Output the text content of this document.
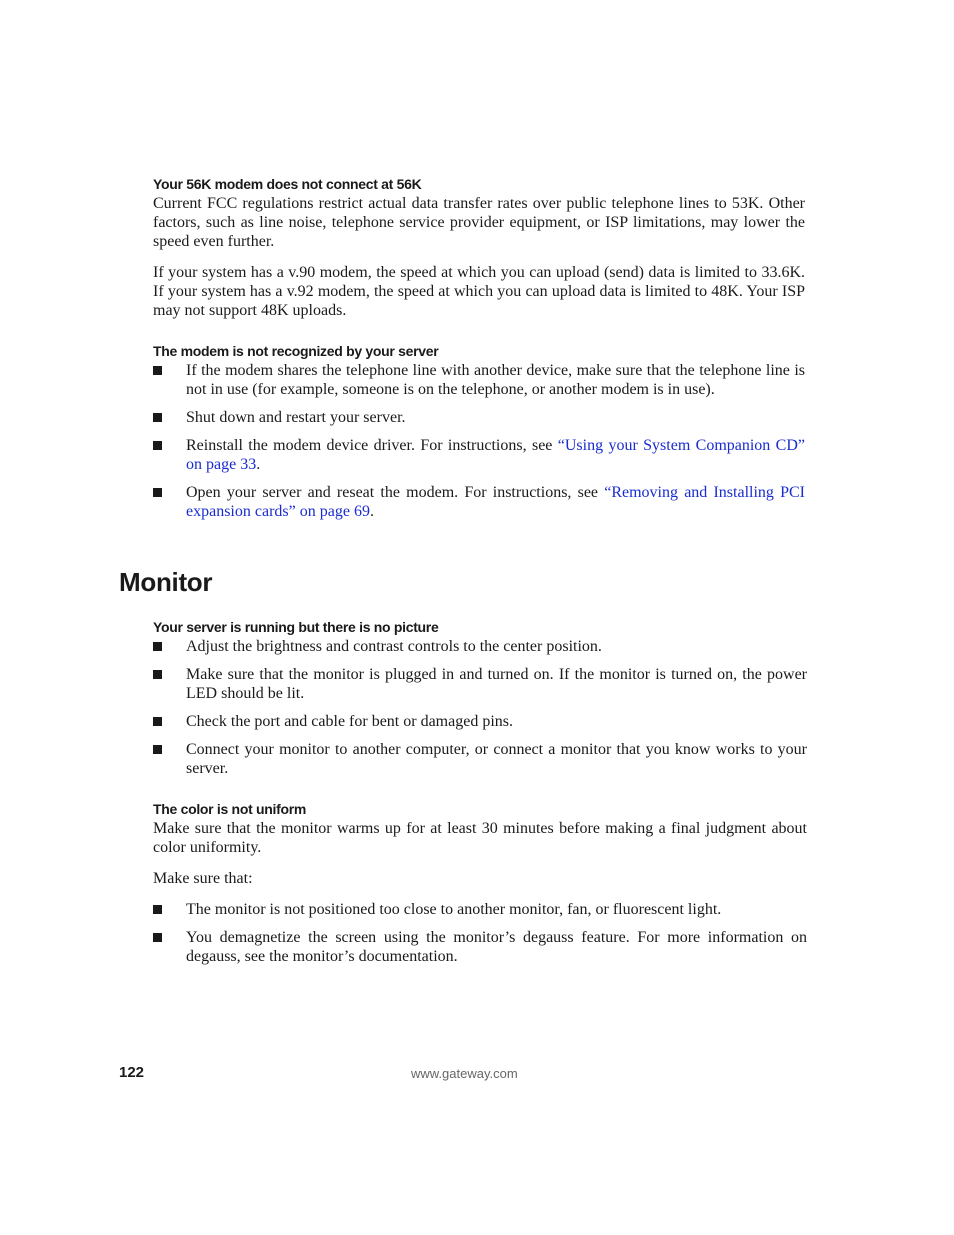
Your 56K modem does not connect at 56K

Current FCC regulations restrict actual data transfer rates over public telephone lines to 53K. Other factors, such as line noise, telephone service provider equipment, or ISP limitations, may lower the speed even further.

If your system has a v.90 modem, the speed at which you can upload (send) data is limited to 33.6K. If your system has a v.92 modem, the speed at which you can upload data is limited to 48K. Your ISP may not support 48K uploads.

The modem is not recognized by your server
If the modem shares the telephone line with another device, make sure that the telephone line is not in use (for example, someone is on the telephone, or another modem is in use).
Shut down and restart your server.
Reinstall the modem device driver. For instructions, see “Using your System Companion CD” on page 33.
Open your server and reseat the modem. For instructions, see “Removing and Installing PCI expansion cards” on page 69.
Monitor
Your server is running but there is no picture
Adjust the brightness and contrast controls to the center position.
Make sure that the monitor is plugged in and turned on. If the monitor is turned on, the power LED should be lit.
Check the port and cable for bent or damaged pins.
Connect your monitor to another computer, or connect a monitor that you know works to your server.
The color is not uniform

Make sure that the monitor warms up for at least 30 minutes before making a final judgment about color uniformity.

Make sure that:

The monitor is not positioned too close to another monitor, fan, or fluorescent light.
You demagnetize the screen using the monitor’s degauss feature. For more information on degauss, see the monitor’s documentation.
122	www.gateway.com
